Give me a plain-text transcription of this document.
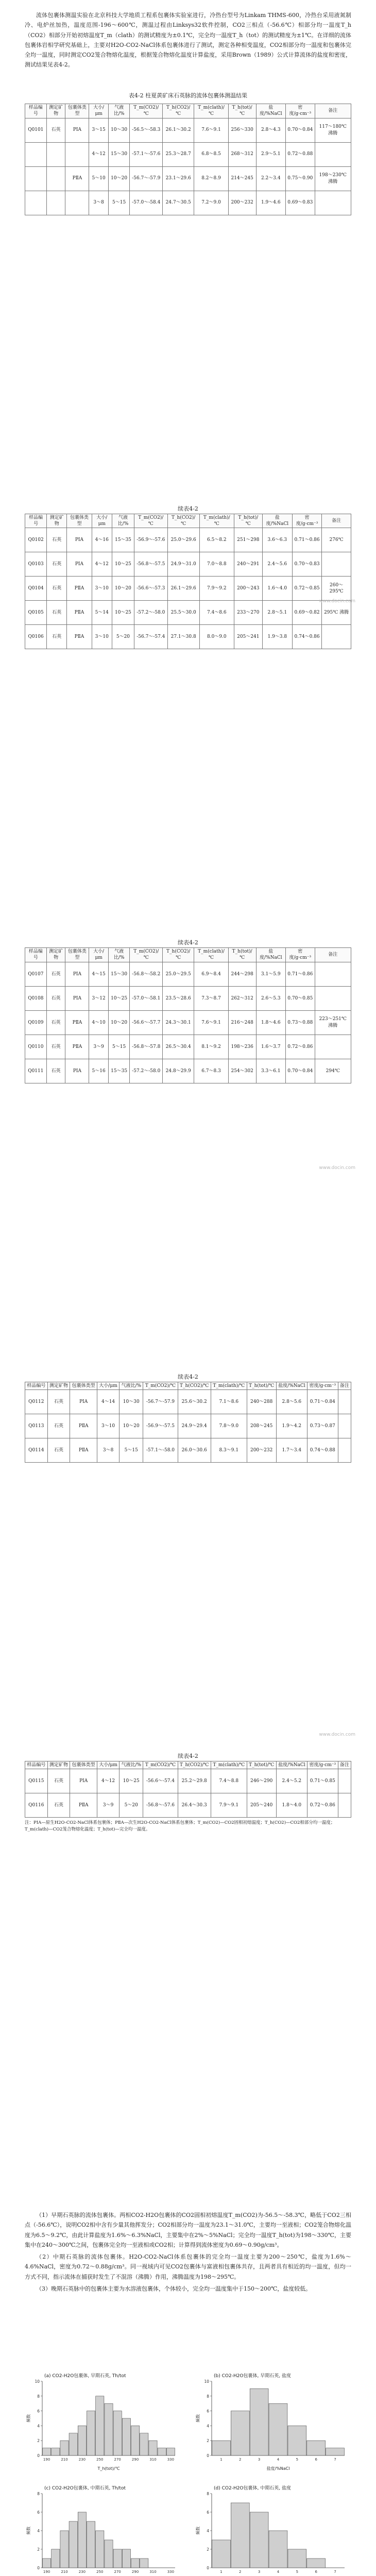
流体包裹体测温实验在北京科技大学地质工程系包裹体实验室进行，冷热台型号为Linkam THMS-600，冷热台采用液氮制冷、电炉丝加热，温度范围-196～600℃，测温过程由Linksys32软件控制，CO2三相点（-56.6℃）相部分均一温度T_h（CO2）相部分开始初熔温度T_m（clath）的测试精度为±0.1℃，完全均一温度T_h（tot）的测试精度为±1℃。在详细的流体包裹体岩相学研究基础上，主要对H2O-CO2-NaCl体系包裹体进行了测试，测定各种相变温度，CO2相部分均一温度和包裹体完全均一温度，同时测定CO2笼合物熔化温度，根据笼合物熔化温度计算盐度，采用Brown（1989）公式计算流体的盐度和密度，测试结果见表4-2。

表4-2 柱夏黄矿床石英脉的流体包裹体测温结果

样品编号	测定矿物	包裹体类型	大小/μm	气液比/%	T_m(CO2)/℃	T_h(CO2)/℃	T_m(clath)/℃	T_h(tot)/℃	盐度/%NaCl	密度/g·cm⁻³	备注
Q0101	石英	PⅠA	3～15	10～30	-56.5～-58.3	26.1～30.2	7.6～9.1	256～330	2.8～4.3	0.70～0.84	117～180℃ 沸腾
			4～12	15～30	-57.1～-57.6	25.3～28.7	6.8～8.5	268～312	2.9～5.1	0.72～0.88	
		PⅡA	5～10	10～20	-56.7～-57.9	23.1～29.6	8.2～8.9	214～245	2.2～3.4	0.75～0.90	198～230℃ 沸腾
			3～8	5～15	-57.0～-58.4	24.7～30.5	7.2～9.0	200～232	1.9～4.6	0.69～0.83	

续表4-2

样品编号	测定矿物	包裹体类型	大小/μm	气液比/%	T_m(CO2)/℃	T_h(CO2)/℃	T_m(clath)/℃	T_h(tot)/℃	盐度/%NaCl	密度/g·cm⁻³	备注
Q0102	石英	PⅠA	4～16	15～35	-56.9～-57.6	25.0～29.6	6.5～8.2	251～298	3.6～6.3	0.71～0.86	276℃
Q0103	石英	PⅠA	4～12	10～25	-56.8～-57.5	24.9～31.0	7.0～8.8	240～291	2.4～5.6	0.70～0.83	
Q0104	石英	PⅡA	3～10	10～20	-56.6～-57.3	26.1～29.6	7.9～9.2	200～243	1.6～4.0	0.72～0.85	260～295℃
Q0105	石英	PⅡA	5～14	10～25	-57.2～-58.0	25.5～30.0	7.4～8.6	233～270	2.8～5.1	0.69～0.82	295℃ 沸腾
Q0106	石英	PⅡA	3～10	5～20	-56.7～-57.4	27.1～30.8	8.0～9.0	205～241	1.9～3.8	0.74～0.86	

续表4-2

样品编号	测定矿物	包裹体类型	大小/μm	气液比/%	T_m(CO2)/℃	T_h(CO2)/℃	T_m(clath)/℃	T_h(tot)/℃	盐度/%NaCl	密度/g·cm⁻³	备注
Q0107	石英	PⅠA	4～15	15～30	-56.8～-58.2	25.0～29.5	6.9～8.4	244～298	3.1～5.9	0.71～0.86	
Q0108	石英	PⅠA	3～12	10～25	-57.0～-58.1	23.5～28.6	7.3～8.7	262～312	2.6～5.3	0.70～0.85	
Q0109	石英	PⅡA	4～10	10～20	-56.6～-57.7	24.3～30.1	7.6～9.1	216～248	1.8～4.6	0.73～0.88	223～251℃ 沸腾
Q0110	石英	PⅡA	3～9	5～15	-56.8～-57.8	26.5～30.4	8.1～9.2	198～236	1.6～3.7	0.72～0.86	
Q0111	石英	PⅠA	5～16	15～35	-57.2～-58.0	24.8～29.9	6.7～8.3	254～302	3.3～6.1	0.70～0.84	294℃

续表4-2

样品编号	测定矿物	包裹体类型	大小/μm	气液比/%	T_m(CO2)/℃	T_h(CO2)/℃	T_m(clath)/℃	T_h(tot)/℃	盐度/%NaCl	密度/g·cm⁻³	备注
Q0112	石英	PⅠA	4～14	10～30	-56.7～-57.9	25.6～30.2	7.1～8.6	240～288	2.8～5.6	0.71～0.84	
Q0113	石英	PⅡA	3～10	10～20	-56.9～-57.5	24.9～29.4	7.8～9.0	208～245	1.9～4.2	0.73～0.87	
Q0114	石英	PⅡA	3～8	5～15	-57.1～-58.0	26.0～30.6	8.3～9.1	200～232	1.7～3.4	0.74～0.88	

续表4-2

样品编号	测定矿物	包裹体类型	大小/μm	气液比/%	T_m(CO2)/℃	T_h(CO2)/℃	T_m(clath)/℃	T_h(tot)/℃	盐度/%NaCl	密度/g·cm⁻³	备注
Q0115	石英	PⅠA	4～12	10～25	-56.6～-57.4	25.2～29.8	7.4～8.8	246～290	2.4～5.2	0.71～0.85	
Q0116	石英	PⅡA	3～9	5～20	-56.8～-57.6	26.4～30.3	7.9～9.1	205～240	1.8～4.0	0.72～0.86	

注：PⅠA—原生H2O-CO2-NaCl体系包裹体；PⅡA—次生H2O-CO2-NaCl体系包裹体；T_m(CO2)—CO2固相初熔温度；T_h(CO2)—CO2相部分均一温度；T_m(clath)—CO2笼合物熔化温度；T_h(tot)—完全均一温度。

（1）早期石英脉的流体包裹体。两相CO2-H2O包裹体的CO2固相初熔温度T_m(CO2)为-56.5～-58.3℃，略低于CO2三相点（-56.6℃），说明CO2相中含有少量其他挥发分；CO2相部分均一温度为23.1～31.0℃，主要均一至液相；CO2笼合物熔化温度为6.5～9.2℃，由此计算盐度为1.6%～6.3%NaCl，主要集中在2%～5%NaCl；完全均一温度T_h(tot)为198～330℃，主要集中在240～300℃之间，包裹体完全均一至液相或CO2相；计算得到流体密度为0.69～0.90g/cm³。

（2）中期石英脉的流体包裹体。H2O-CO2-NaCl体系包裹体的完全均一温度主要为200～250℃，盐度为1.6%～4.6%NaCl，密度为0.72～0.88g/cm³。同一视域内可见CO2包裹体与富液相包裹体共存，且两者具有相近的均一温度，但均一方式不同，指示流体在捕获时发生了不混溶（沸腾）作用，沸腾温度为198～295℃。

（3）晚期石英脉中的包裹体主要为水溶液包裹体，个体较小，完全均一温度集中于150～200℃，盐度较低。

(a) CO2-H2O包裹体, 早期石英, Th/tot
0
2
4
6
8
10
190	210	230	250	270	290	310	330
T_h(tot)/℃
频数
(b) CO2-H2O包裹体, 早期石英, 盐度
0
2
4
6
8
10
1	2	3	4	5	6	7
盐度/%NaCl
频数
(c) CO2-H2O包裹体, 中期石英, Th/tot
0
2
4
6
8
190	210	230	250	270	290	310	330
频数
(d) CO2-H2O包裹体, 中期石英, 盐度
0
2
4
6
8
1	2	3	4	5	6	7
频数

www.docin.com
www.docin.com
www.docin.com
